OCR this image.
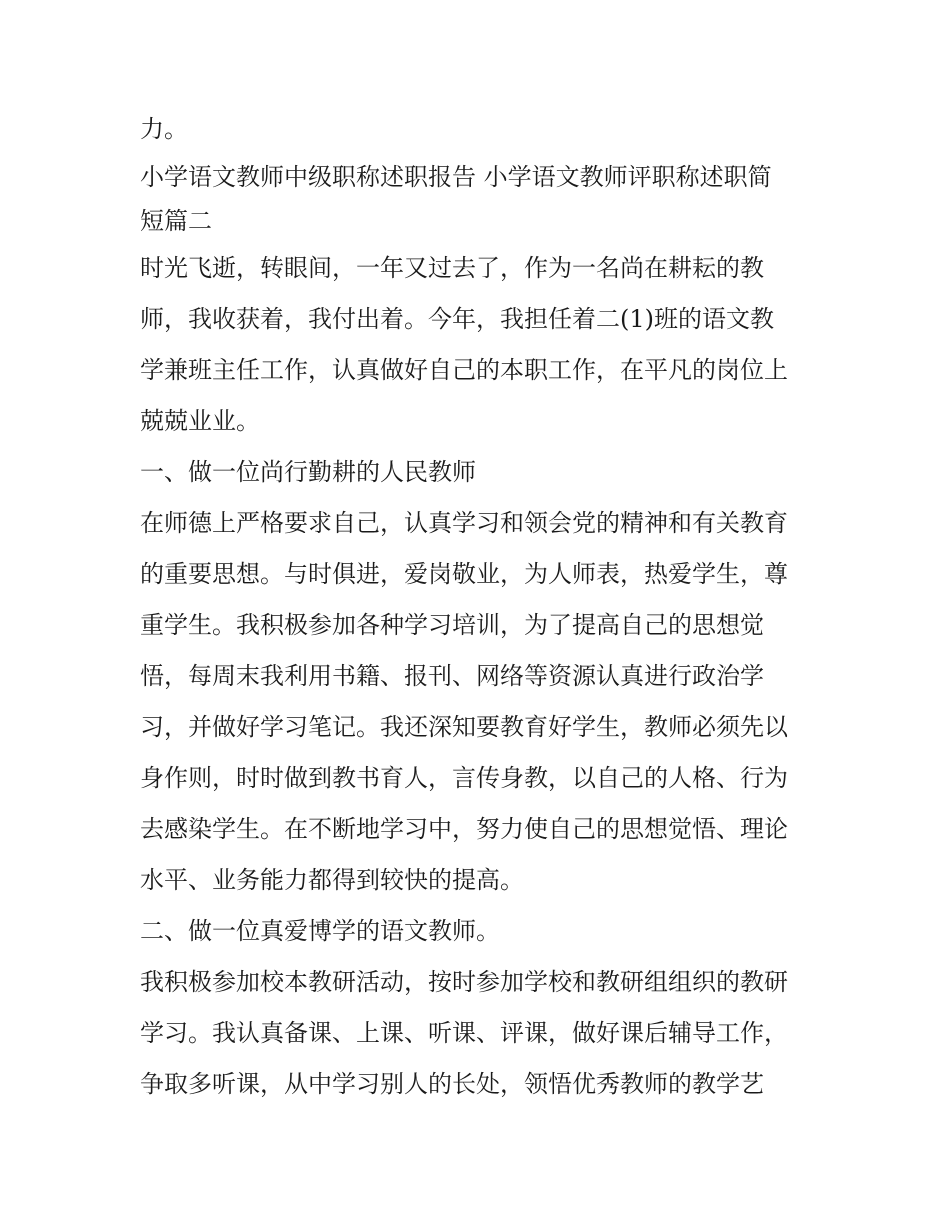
力。
小学语文教师中级职称述职报告 小学语文教师评职称述职简
短篇二
时光飞逝，转眼间，一年又过去了，作为一名尚在耕耘的教
师，我收获着，我付出着。今年，我担任着二(1)班的语文教
学兼班主任工作，认真做好自己的本职工作，在平凡的岗位上
兢兢业业。
一、做一位尚行勤耕的人民教师
在师德上严格要求自己，认真学习和领会党的精神和有关教育
的重要思想。与时俱进，爱岗敬业，为人师表，热爱学生，尊
重学生。我积极参加各种学习培训，为了提高自己的思想觉
悟，每周末我利用书籍、报刊、网络等资源认真进行政治学
习，并做好学习笔记。我还深知要教育好学生，教师必须先以
身作则，时时做到教书育人，言传身教，以自己的人格、行为
去感染学生。在不断地学习中，努力使自己的思想觉悟、理论
水平、业务能力都得到较快的提高。
二、做一位真爱博学的语文教师。
我积极参加校本教研活动，按时参加学校和教研组组织的教研
学习。我认真备课、上课、听课、评课，做好课后辅导工作，
争取多听课，从中学习别人的长处，领悟优秀教师的教学艺
